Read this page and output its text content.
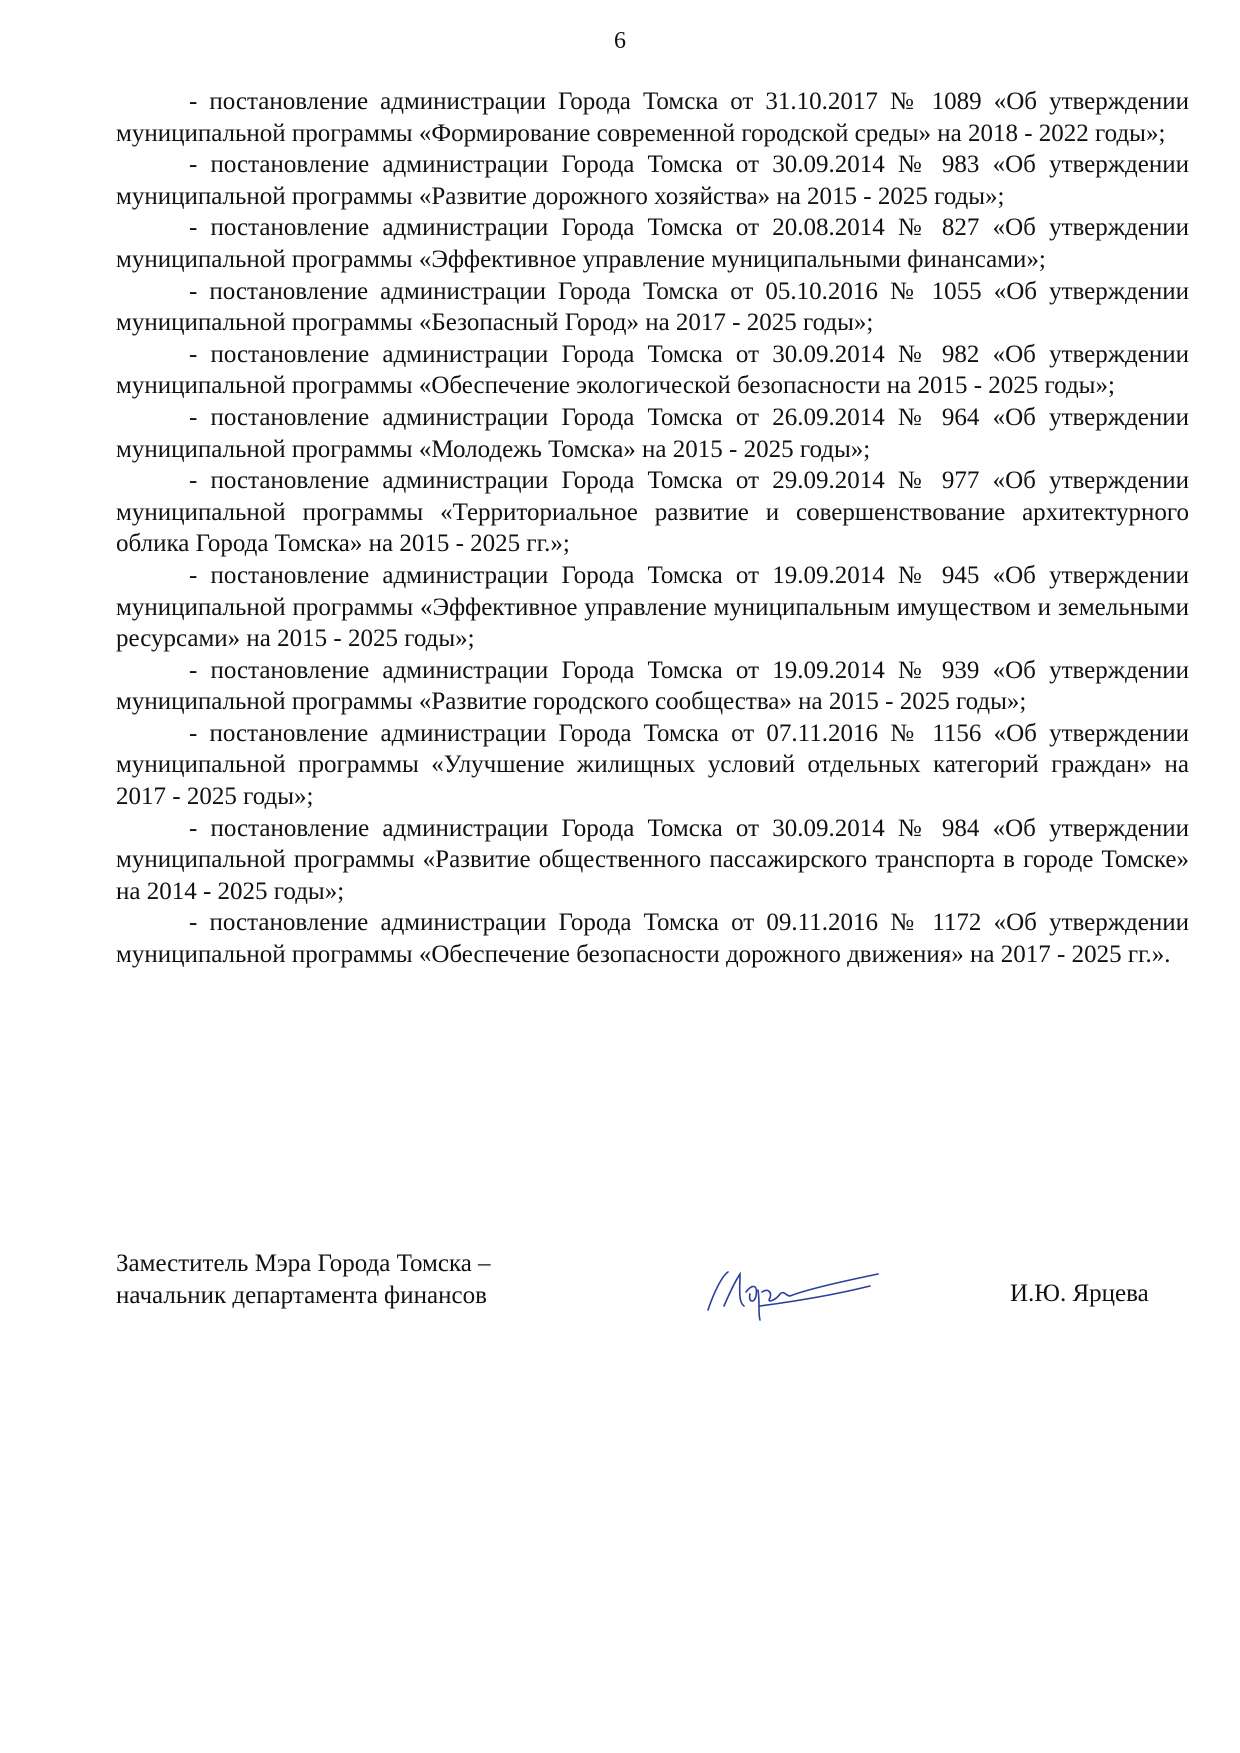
6

- постановление администрации Города Томска от 31.10.2017 № 1089 «Об утверждении муниципальной программы «Формирование современной городской среды» на 2018 - 2022 годы»;

- постановление администрации Города Томска от 30.09.2014 № 983 «Об утверждении муниципальной программы «Развитие дорожного хозяйства» на 2015 - 2025 годы»;

- постановление администрации Города Томска от 20.08.2014 № 827 «Об утверждении муниципальной программы «Эффективное управление муниципальными финансами»;

- постановление администрации Города Томска от 05.10.2016 № 1055 «Об утверждении муниципальной программы «Безопасный Город» на 2017 - 2025 годы»;

- постановление администрации Города Томска от 30.09.2014 № 982 «Об утверждении муниципальной программы «Обеспечение экологической безопасности на 2015 - 2025 годы»;

- постановление администрации Города Томска от 26.09.2014 № 964 «Об утверждении муниципальной программы «Молодежь Томска» на 2015 - 2025 годы»;

- постановление администрации Города Томска от 29.09.2014 № 977 «Об утверждении муниципальной программы «Территориальное развитие и совершенствование архитектурного облика Города Томска» на 2015 - 2025 гг.»;

- постановление администрации Города Томска от 19.09.2014 № 945 «Об утверждении муниципальной программы «Эффективное управление муниципальным имуществом и земельными ресурсами» на 2015 - 2025 годы»;

- постановление администрации Города Томска от 19.09.2014 № 939 «Об утверждении муниципальной программы «Развитие городского сообщества» на 2015 - 2025 годы»;

- постановление администрации Города Томска от 07.11.2016 № 1156 «Об утверждении муниципальной программы «Улучшение жилищных условий отдельных категорий граждан» на 2017 - 2025 годы»;

- постановление администрации Города Томска от 30.09.2014 № 984 «Об утверждении муниципальной программы «Развитие общественного пассажирского транспорта в городе Томске» на 2014 - 2025 годы»;

- постановление администрации Города Томска от 09.11.2016 № 1172 «Об утверждении муниципальной программы «Обеспечение безопасности дорожного движения» на 2017 - 2025 гг.».

Заместитель Мэра Города Томска –
начальник департамента финансов	И.Ю. Ярцева
